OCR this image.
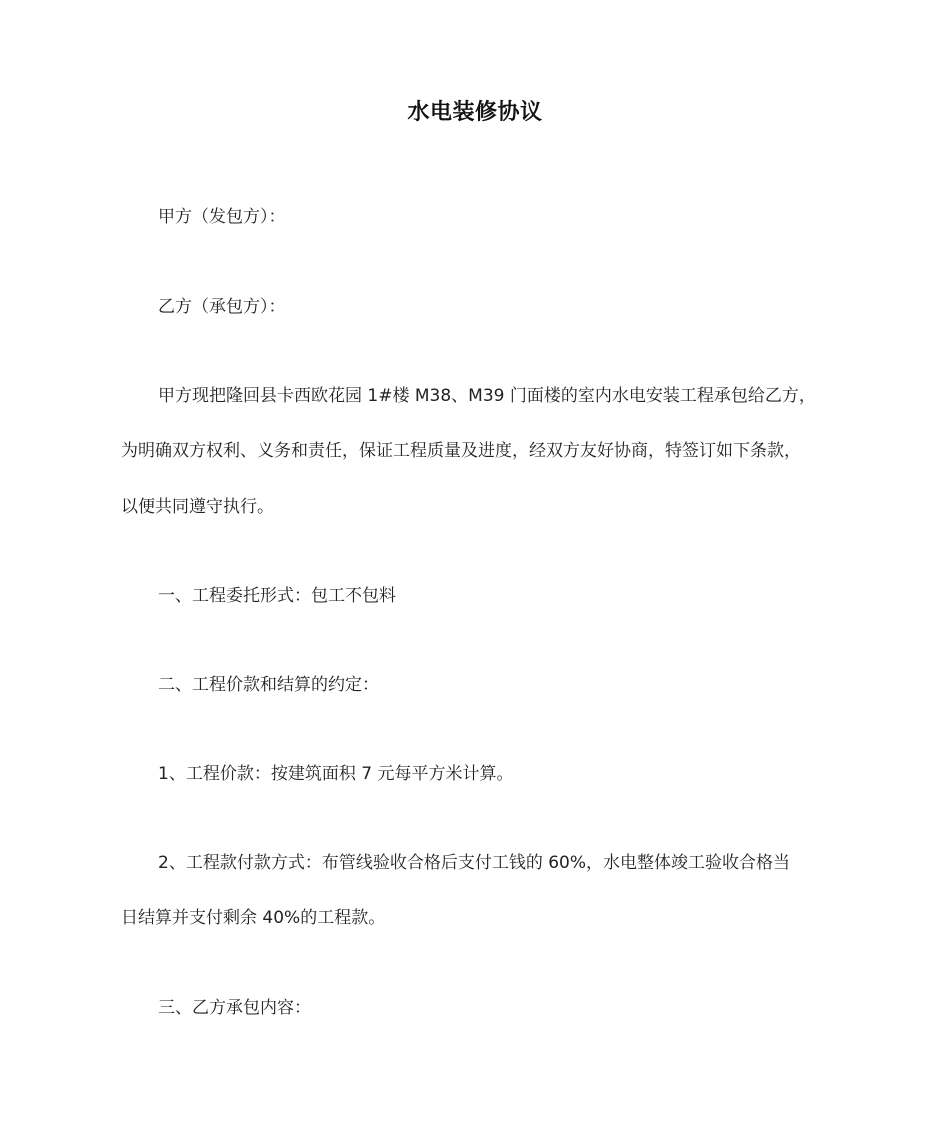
水电装修协议
甲方（发包方）：
乙方（承包方）：
甲方现把隆回县卡西欧花园 1#楼 M38、M39 门面楼的室内水电安装工程承包给乙方，
为明确双方权利、义务和责任，保证工程质量及进度，经双方友好协商，特签订如下条款，
以便共同遵守执行。
一、工程委托形式：包工不包料
二、工程价款和结算的约定：
1、工程价款：按建筑面积 7 元每平方米计算。
2、工程款付款方式：布管线验收合格后支付工钱的 60%，水电整体竣工验收合格当
日结算并支付剩余 40%的工程款。
三、乙方承包内容：
